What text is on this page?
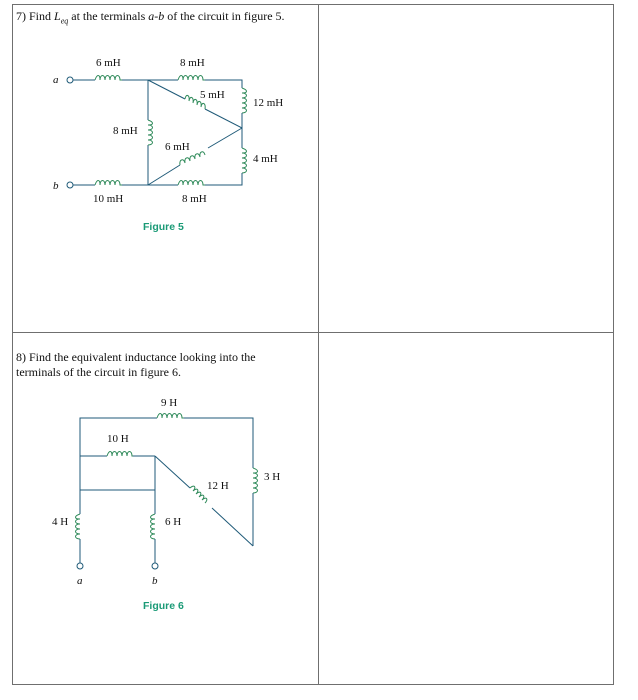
7) Find $L_{eq}$ at the terminals a-b of the circuit in figure 5.
a
b
6 mH	8 mH
5 mH
12 mH
8 mH
6 mH
4 mH
10 mH	8 mH
Figure 5
8) Find the equivalent inductance looking into the
terminals of the circuit in figure 6.
9 H
10 H
3 H
12 H
4 H	6 H
a	b
Figure 6
